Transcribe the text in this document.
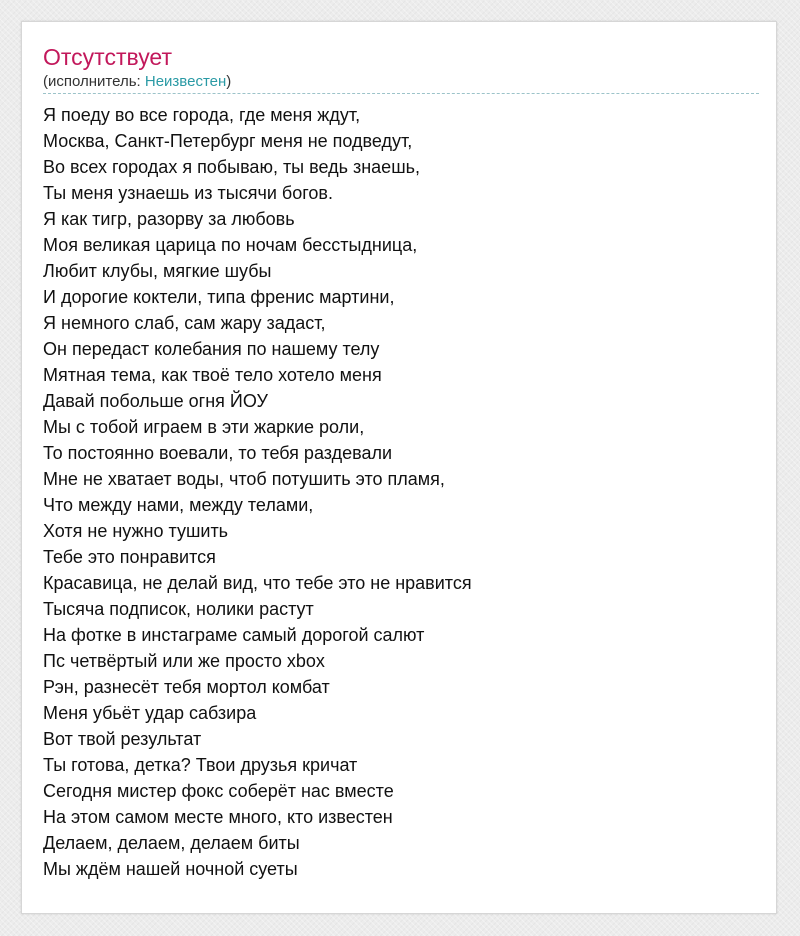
Отсутствует
(исполнитель: Неизвестен)
Я поеду во все города, где меня ждут,
Москва, Санкт-Петербург меня не подведут,
Во всех городах я побываю, ты ведь знаешь,
Ты меня узнаешь из тысячи богов.
Я как тигр, разорву за любовь
Моя великая царица по ночам бесстыдница,
Любит клубы, мягкие шубы
И дорогие коктели, типа френис мартини,
Я немного слаб, сам жару задаст,
Он передаст колебания по нашему телу
Мятная тема, как твоё тело хотело меня
Давай побольше огня ЙОУ
Мы с тобой играем в эти жаркие роли,
То постоянно воевали, то тебя раздевали
Мне не хватает воды, чтоб потушить это пламя,
Что между нами, между телами,
Хотя не нужно тушить
Тебе это понравится
Красавица, не делай вид, что тебе это не нравится
Тысяча подписок, нолики растут
На фотке в инстаграме самый дорогой салют
Пс четвёртый или же просто xbox
Рэн, разнесёт тебя мортол комбат
Меня убьёт удар сабзира
Вот твой результат
Ты готова, детка? Твои друзья кричат
Сегодня мистер фокс соберёт нас вместе
На этом самом месте много, кто известен
Делаем, делаем, делаем биты
Мы ждём нашей ночной суеты
